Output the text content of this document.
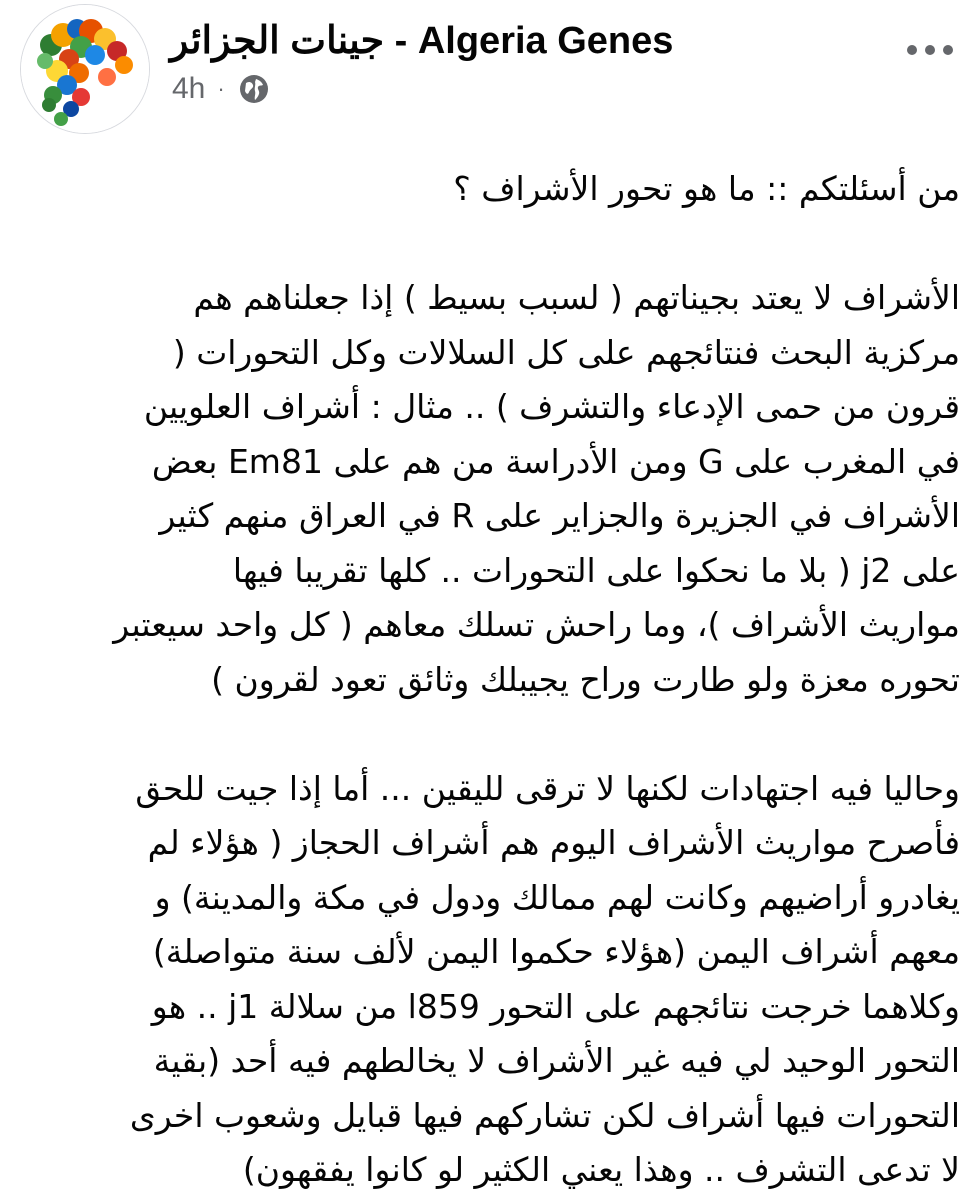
جينات الجزائر - Algeria Genes
4h ·

من أسئلتكم :: ما هو تحور الأشراف ؟

الأشراف لا يعتد بجيناتهم ( لسبب بسيط ) إذا جعلناهم هم
مركزية البحث فنتائجهم على كل السلالات وكل التحورات (
قرون من حمى الإدعاء والتشرف ) .. مثال : أشراف العلويين
في المغرب على G ومن الأدراسة من هم على Em81 بعض
الأشراف في الجزيرة والجزاير على R في العراق منهم كثير
على j2 ( بلا ما نحكوا على التحورات .. كلها تقريبا فيها
مواريث الأشراف )، وما راحش تسلك معاهم ( كل واحد سيعتبر
تحوره معزة ولو طارت وراح يجيبلك وثائق تعود لقرون )

وحاليا فيه اجتهادات لكنها لا ترقى لليقين ... أما إذا جيت للحق
فأصرح مواريث الأشراف اليوم هم أشراف الحجاز ( هؤلاء لم
يغادرو أراضيهم وكانت لهم ممالك ودول في مكة والمدينة) و
معهم أشراف اليمن (هؤلاء حكموا اليمن لألف سنة متواصلة)
وكلاهما خرجت نتائجهم على التحور l859 من سلالة j1 .. هو
التحور الوحيد لي فيه غير الأشراف لا يخالطهم فيه أحد (بقية
التحورات فيها أشراف لكن تشاركهم فيها قبايل وشعوب اخرى
لا تدعى التشرف .. وهذا يعني الكثير لو كانوا يفقهون)
